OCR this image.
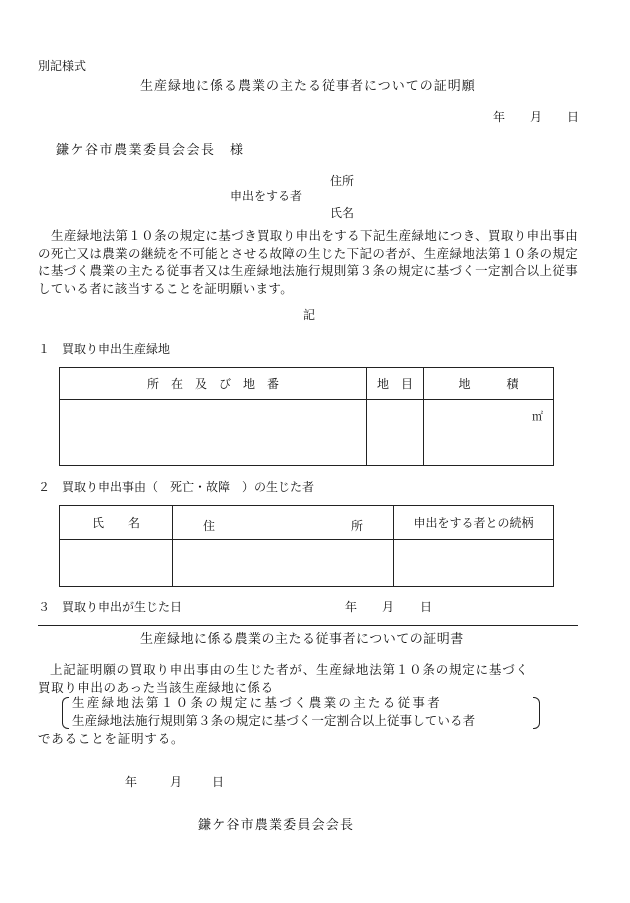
別記様式
生産緑地に係る農業の主たる従事者についての証明願
年 月 日
鎌ケ谷市農業委員会会長　様
住所
申出をする者
氏名
生産緑地法第１０条の規定に基づき買取り申出をする下記生産緑地につき、買取り申出事由の死亡又は農業の継続を不可能とさせる故障の生じた下記の者が、生産緑地法第１０条の規定に基づく農業の主たる従事者又は生産緑地法施行規則第３条の規定に基づく一定割合以上従事している者に該当することを証明願います。
記
１　買取り申出生産緑地
所　在　及　び　地　番	地　目	地　　　積
		㎡
２　買取り申出事由（　死亡・故障　）の生じた者
氏　　名	住 所	申出をする者との続柄

３　買取り申出が生じた日	年 月 日
生産緑地に係る農業の主たる従事者についての証明書
上記証明願の買取り申出事由の生じた者が、生産緑地法第１０条の規定に基づく
買取り申出のあった当該生産緑地に係る
生産緑地法第１０条の規定に基づく農業の主たる従事者
生産緑地法施行規則第３条の規定に基づく一定割合以上従事している者
であることを証明する。
年	月 日
鎌ケ谷市農業委員会会長
